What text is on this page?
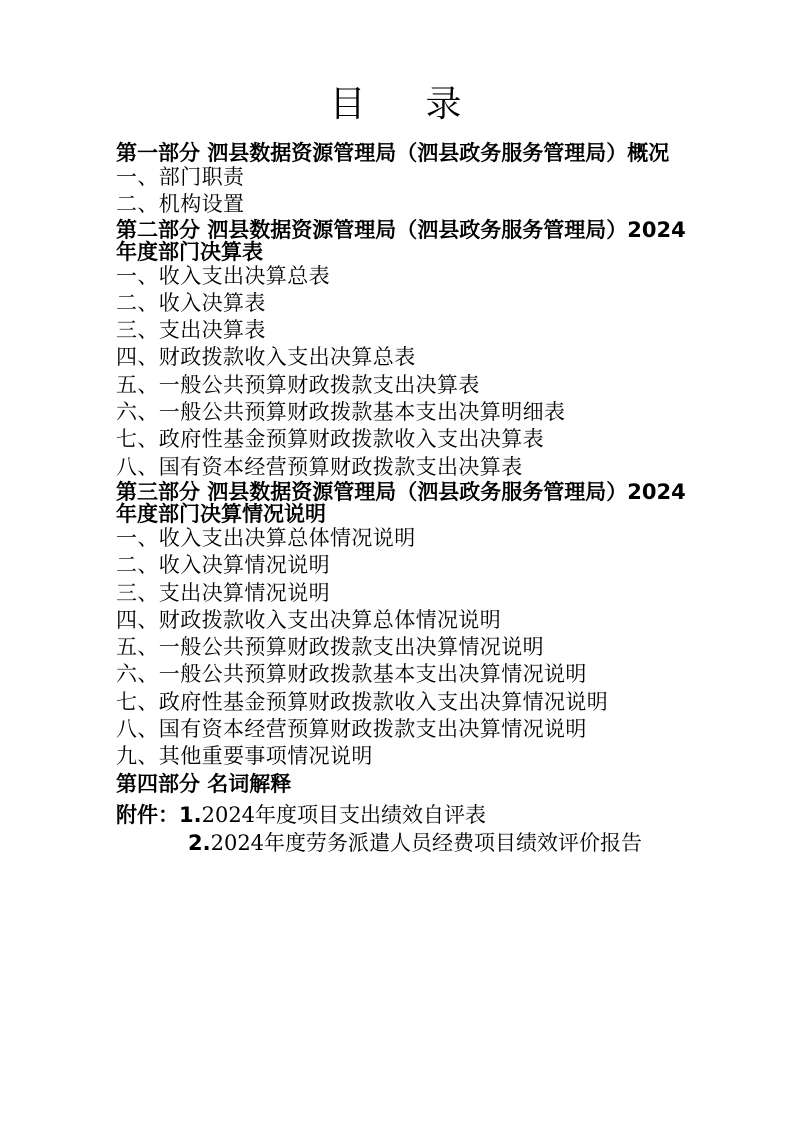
目 录
第一部分 泗县数据资源管理局（泗县政务服务管理局）概况
一、部门职责
二、机构设置
第二部分 泗县数据资源管理局（泗县政务服务管理局）2024年度部门决算表
一、收入支出决算总表
二、收入决算表
三、支出决算表
四、财政拨款收入支出决算总表
五、一般公共预算财政拨款支出决算表
六、一般公共预算财政拨款基本支出决算明细表
七、政府性基金预算财政拨款收入支出决算表
八、国有资本经营预算财政拨款支出决算表
第三部分 泗县数据资源管理局（泗县政务服务管理局）2024年度部门决算情况说明
一、收入支出决算总体情况说明
二、收入决算情况说明
三、支出决算情况说明
四、财政拨款收入支出决算总体情况说明
五、一般公共预算财政拨款支出决算情况说明
六、一般公共预算财政拨款基本支出决算情况说明
七、政府性基金预算财政拨款收入支出决算情况说明
八、国有资本经营预算财政拨款支出决算情况说明
九、其他重要事项情况说明
第四部分 名词解释
附件：1.2024年度项目支出绩效自评表
2.2024年度劳务派遣人员经费项目绩效评价报告
